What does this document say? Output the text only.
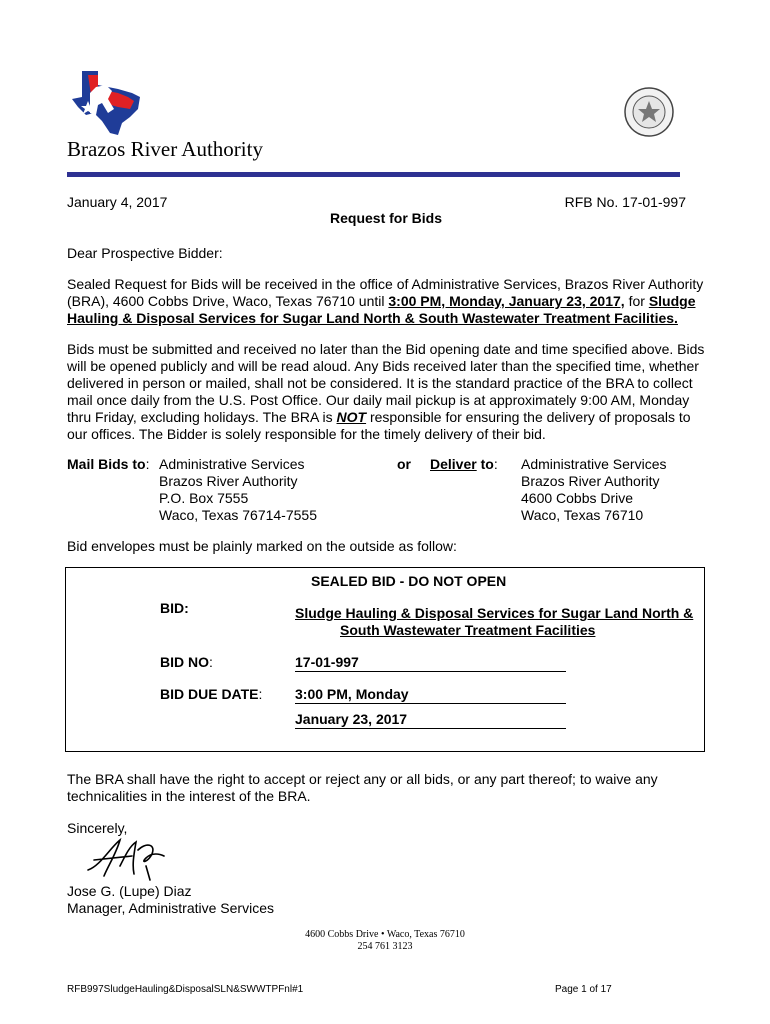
Brazos River Authority
January 4, 2017	RFB No. 17-01-997
Request for Bids
Dear Prospective Bidder:
Sealed Request for Bids will be received in the office of Administrative Services, Brazos River Authority
(BRA), 4600 Cobbs Drive, Waco, Texas 76710 until 3:00 PM, Monday, January 23, 2017, for Sludge
Hauling & Disposal Services for Sugar Land North & South Wastewater Treatment Facilities.
Bids must be submitted and received no later than the Bid opening date and time specified above. Bids
will be opened publicly and will be read aloud. Any Bids received later than the specified time, whether
delivered in person or mailed, shall not be considered. It is the standard practice of the BRA to collect
mail once daily from the U.S. Post Office. Our daily mail pickup is at approximately 9:00 AM, Monday
thru Friday, excluding holidays. The BRA is NOT responsible for ensuring the delivery of proposals to
our offices. The Bidder is solely responsible for the timely delivery of their bid.
Mail Bids to: Administrative Services
Brazos River Authority
P.O. Box 7555
Waco, Texas 76714-7555
or Deliver to: Administrative Services
Brazos River Authority
4600 Cobbs Drive
Waco, Texas 76710
Bid envelopes must be plainly marked on the outside as follow:
SEALED BID - DO NOT OPEN
BID:	Sludge Hauling & Disposal Services for Sugar Land North &
South Wastewater Treatment Facilities
BID NO:	17-01-997
BID DUE DATE: 3:00 PM, Monday
January 23, 2017
The BRA shall have the right to accept or reject any or all bids, or any part thereof; to waive any
technicalities in the interest of the BRA.
Sincerely,
Jose G. (Lupe) Diaz
Manager, Administrative Services
4600 Cobbs Drive • Waco, Texas 76710
254 761 3123
RFB997SludgeHauling&DisposalSLN&SWWTPFnl#1	Page 1 of 17
